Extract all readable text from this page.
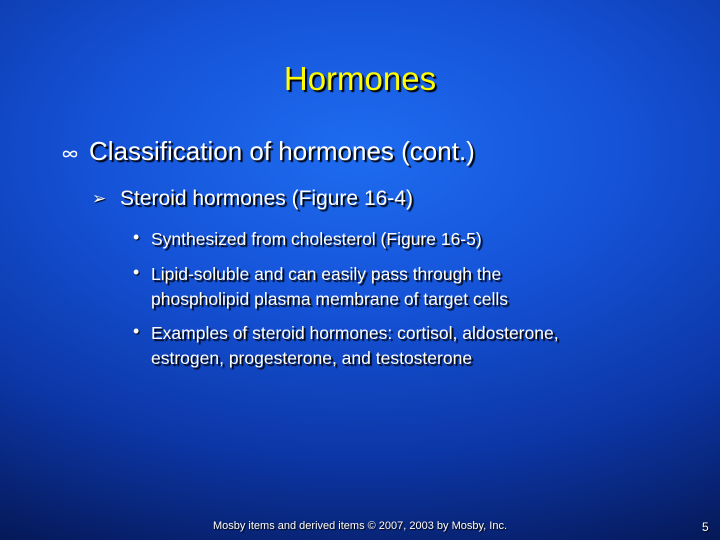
Hormones
Classification of hormones (cont.)
➢ Steroid hormones (Figure 16-4)
• Synthesized from cholesterol (Figure 16-5)
• Lipid-soluble and can easily pass through the phospholipid plasma membrane of target cells
• Examples of steroid hormones: cortisol, aldosterone, estrogen, progesterone, and testosterone
Mosby items and derived items © 2007, 2003 by Mosby, Inc.	5
